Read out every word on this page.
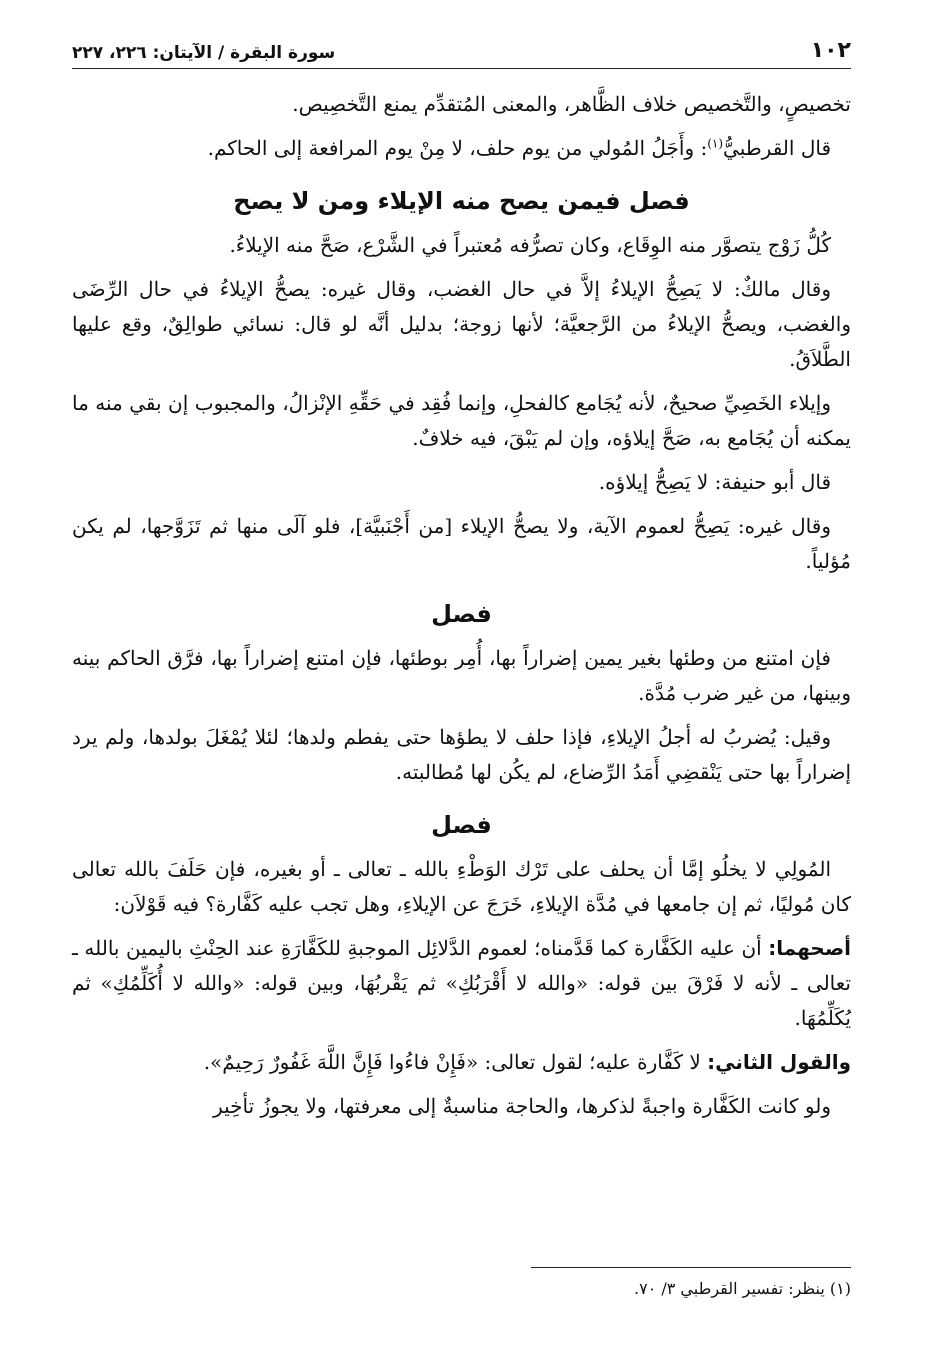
١٠٢
سورة البقرة / الآيتان: ٢٢٦، ٢٢٧

تخصيصٍ، والتَّخصيص خلاف الظَّاهر، والمعنى المُتقدِّم يمنع التَّخصِيص.

قال القرطبيُّ$^{(١)}$: وأَجَلُ المُولي من يوم حلف، لا مِنْ يوم المرافعة إلى الحاكم.

فصل فيمن يصح منه الإيلاء ومن لا يصح

كُلُّ زَوْج يتصوَّر منه الوِقَاع، وكان تصرُّفه مُعتبراً في الشَّرْع، صَحَّ منه الإيلاءُ.

وقال مالكٌ: لا يَصِحُّ الإيلاءُ إلاَّ في حال الغضب، وقال غيره: يصحُّ الإيلاءُ في حال الرِّضَى والغضب، ويصحُّ الإيلاءُ من الرَّجعيَّة؛ لأنها زوجة؛ بدليل أنَّه لو قال: نسائي طوالِقٌ، وقع عليها الطَّلاَقُ.

وإيلاء الخَصِيِّ صحيحٌ، لأنه يُجَامع كالفحلِ، وإنما فُقِد في حَقِّهِ الإنْزالُ، والمجبوب إن بقي منه ما يمكنه أن يُجَامع به، صَحَّ إيلاؤه، وإن لم يَبْقَ، فيه خلافٌ.

قال أبو حنيفة: لا يَصِحُّ إيلاؤه.

وقال غيره: يَصِحُّ لعموم الآية، ولا يصحُّ الإيلاء [من أَجْنَبيَّة]، فلو آلَى منها ثم تَزَوَّجها، لم يكن مُؤلياً.

فصل

فإن امتنع من وطئها بغير يمين إضراراً بها، أُمِر بوطئها، فإن امتنع إضراراً بها، فرَّق الحاكم بينه وبينها، من غير ضرب مُدَّة.

وقيل: يُضربُ له أجلُ الإيلاءِ، فإذا حلف لا يطؤها حتى يفطم ولدها؛ لئلا يُمْغَلَ بولدها، ولم يرد إضراراً بها حتى يَنْقضِي أَمَدُ الرِّضاع، لم يكُن لها مُطالبته.

فصل

المُولِي لا يخلُو إمَّا أن يحلف على تَرْك الوَطْءِ بالله ـ تعالى ـ أو بغيره، فإن حَلَفَ بالله تعالى كان مُوليًا، ثم إن جامعها في مُدَّة الإيلاءِ، خَرَجَ عن الإيلاءِ، وهل تجب عليه كَفَّارة؟ فيه قَوْلاَن:

أصحهما: أن عليه الكَفَّارة كما قَدَّمناه؛ لعموم الدَّلائِل الموجبةِ للكَفَّارَةِ عند الحِنْثِ باليمين بالله ـ تعالى ـ لأنه لا فَرْقَ بين قوله: «والله لا أَقْرَبُكِ» ثم يَقْربُهَا، وبين قوله: «والله لا أُكَلِّمُكِ» ثم يُكَلِّمُهَا.

والقول الثاني: لا كَفَّارة عليه؛ لقول تعالى: «فَإِنْ فاءُوا فَإِنَّ اللَّهَ غَفُورٌ رَحِيمٌ».

ولو كانت الكَفَّارة واجبةً لذكرها، والحاجة مناسبةٌ إلى معرفتها، ولا يجوزُ تأخِير

(١) ينظر: تفسير القرطبي ٣/ ٧٠.
